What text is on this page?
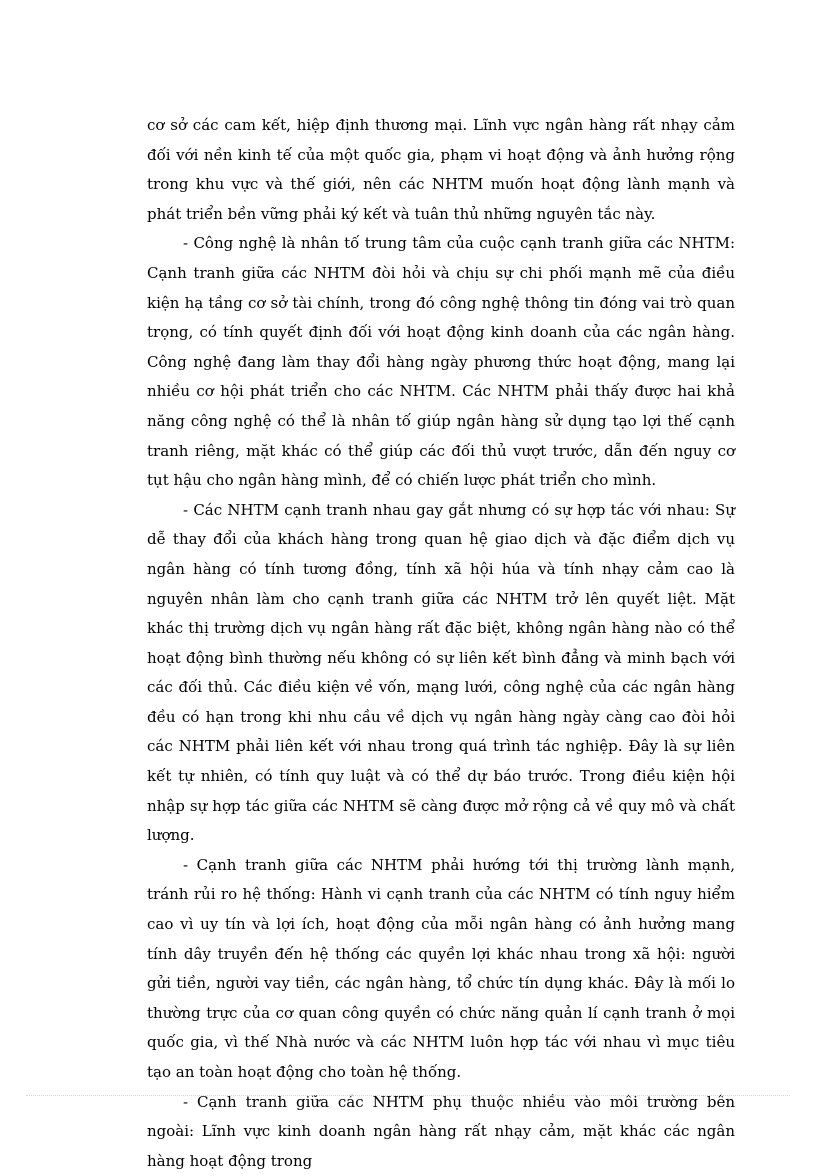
cơ sở các cam kết, hiệp định thương mại. Lĩnh vực ngân hàng rất nhạy cảm đối với nền kinh tế của một quốc gia, phạm vi hoạt động và ảnh hưởng rộng trong khu vực và thế giới, nên các NHTM muốn hoạt động lành mạnh và phát triển bền vững phải ký kết và tuân thủ những nguyên tắc này.

- Công nghệ là nhân tố trung tâm của cuộc cạnh tranh giữa các NHTM: Cạnh tranh giữa các NHTM đòi hỏi và chịu sự chi phối mạnh mẽ của điều kiện hạ tầng cơ sở tài chính, trong đó công nghệ thông tin đóng vai trò quan trọng, có tính quyết định đối với hoạt động kinh doanh của các ngân hàng. Công nghệ đang làm thay đổi hàng ngày phương thức hoạt động, mang lại nhiều cơ hội phát triển cho các NHTM. Các NHTM phải thấy được hai khả năng công nghệ có thể là nhân tố giúp ngân hàng sử dụng tạo lợi thế cạnh tranh riêng, mặt khác có thể giúp các đối thủ vượt trước, dẫn đến nguy cơ tụt hậu cho ngân hàng mình, để có chiến lược phát triển cho mình.

- Các NHTM cạnh tranh nhau gay gắt nhưng có sự hợp tác với nhau: Sự dễ thay đổi của khách hàng trong quan hệ giao dịch và đặc điểm dịch vụ ngân hàng có tính tương đồng, tính xã hội húa và tính nhạy cảm cao là nguyên nhân làm cho cạnh tranh giữa các NHTM trở lên quyết liệt. Mặt khác thị trường dịch vụ ngân hàng rất đặc biệt, không ngân hàng nào có thể hoạt động bình thường nếu không có sự liên kết bình đẳng và minh bạch với các đối thủ. Các điều kiện về vốn, mạng lưới, công nghệ của các ngân hàng đều có hạn trong khi nhu cầu về dịch vụ ngân hàng ngày càng cao đòi hỏi các NHTM phải liên kết với nhau trong quá trình tác nghiệp. Đây là sự liên kết tự nhiên, có tính quy luật và có thể dự báo trước. Trong điều kiện hội nhập sự hợp tác giữa các NHTM sẽ càng được mở rộng cả về quy mô và chất lượng.

- Cạnh tranh giữa các NHTM phải hướng tới thị trường lành mạnh, tránh rủi ro hệ thống: Hành vi cạnh tranh của các NHTM có tính nguy hiểm cao vì uy tín và lợi ích, hoạt động của mỗi ngân hàng có ảnh hưởng mang tính dây truyền đến hệ thống các quyền lợi khác nhau trong xã hội: người gửi tiền, người vay tiền, các ngân hàng, tổ chức tín dụng khác. Đây là mối lo thường trực của cơ quan công quyền có chức năng quản lí cạnh tranh ở mọi quốc gia, vì thế Nhà nước và các NHTM luôn hợp tác với nhau vì mục tiêu tạo an toàn hoạt động cho toàn hệ thống.

- Cạnh tranh giữa các NHTM phụ thuộc nhiều vào môi trường bên ngoài: Lĩnh vực kinh doanh ngân hàng rất nhạy cảm, mặt khác các ngân hàng hoạt động trong
